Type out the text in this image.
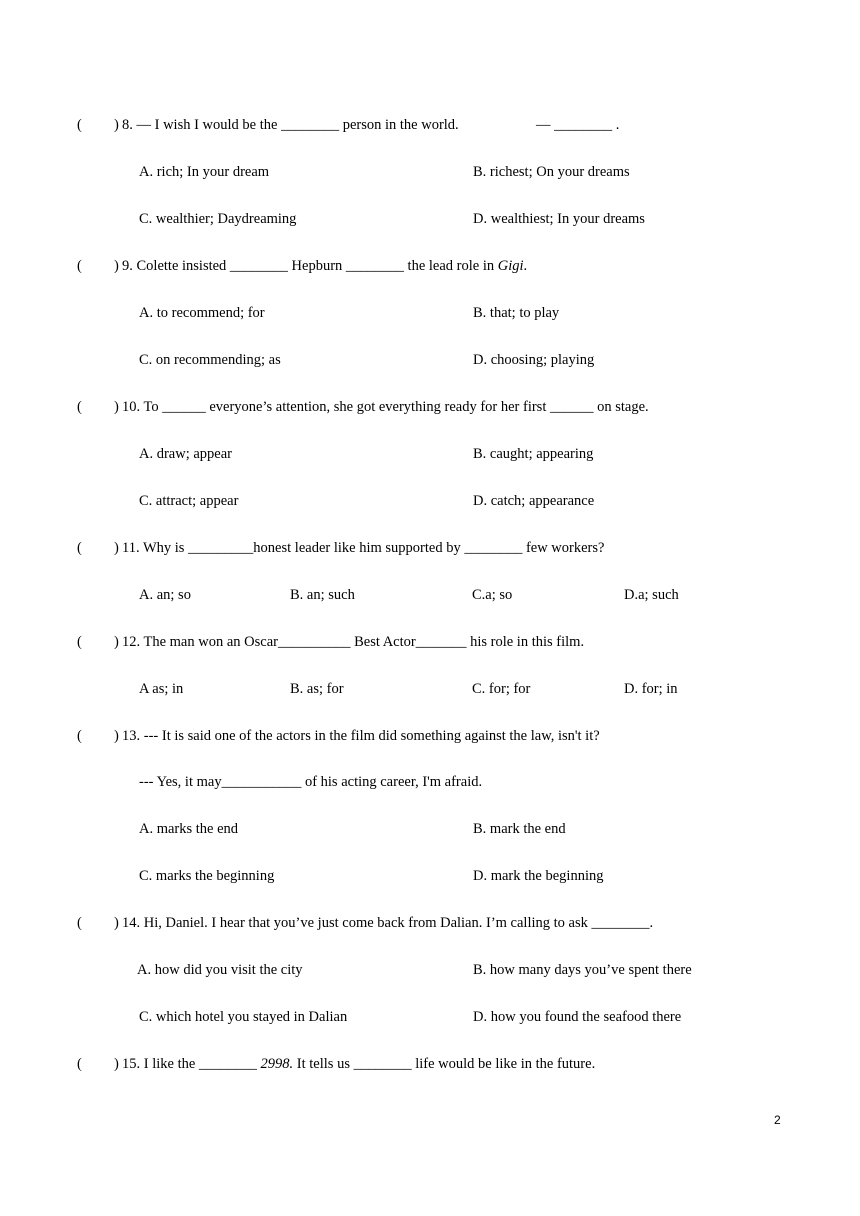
( ) 8. — I wish I would be the ________ person in the world.	— ________ .
A. rich; In your dream	B. richest; On your dreams
C. wealthier; Daydreaming	D. wealthiest; In your dreams
( ) 9. Colette insisted ________ Hepburn ________ the lead role in Gigi.
A. to recommend; for	B. that; to play
C. on recommending; as	D. choosing; playing
( ) 10. To ______ everyone’s attention, she got everything ready for her first ______ on stage.
A. draw; appear	B. caught; appearing
C. attract; appear	D. catch; appearance
( ) 11. Why is _________honest leader like him supported by ________ few workers?
A. an; so	B. an; such	C.a; so	D.a; such
( ) 12. The man won an Oscar__________ Best Actor_______ his role in this film.
A as; in	B. as; for	C. for; for	D. for; in
( ) 13. --- It is said one of the actors in the film did something against the law, isn't it?
--- Yes, it may___________ of his acting career, I'm afraid.
A. marks the end	B. mark the end
C. marks the beginning	D. mark the beginning
( ) 14. Hi, Daniel. I hear that you’ve just come back from Dalian. I’m calling to ask ________.
A. how did you visit the city	B. how many days you’ve spent there
C. which hotel you stayed in Dalian	D. how you found the seafood there
( ) 15. I like the ________ 2998. It tells us ________ life would be like in the future.
2
